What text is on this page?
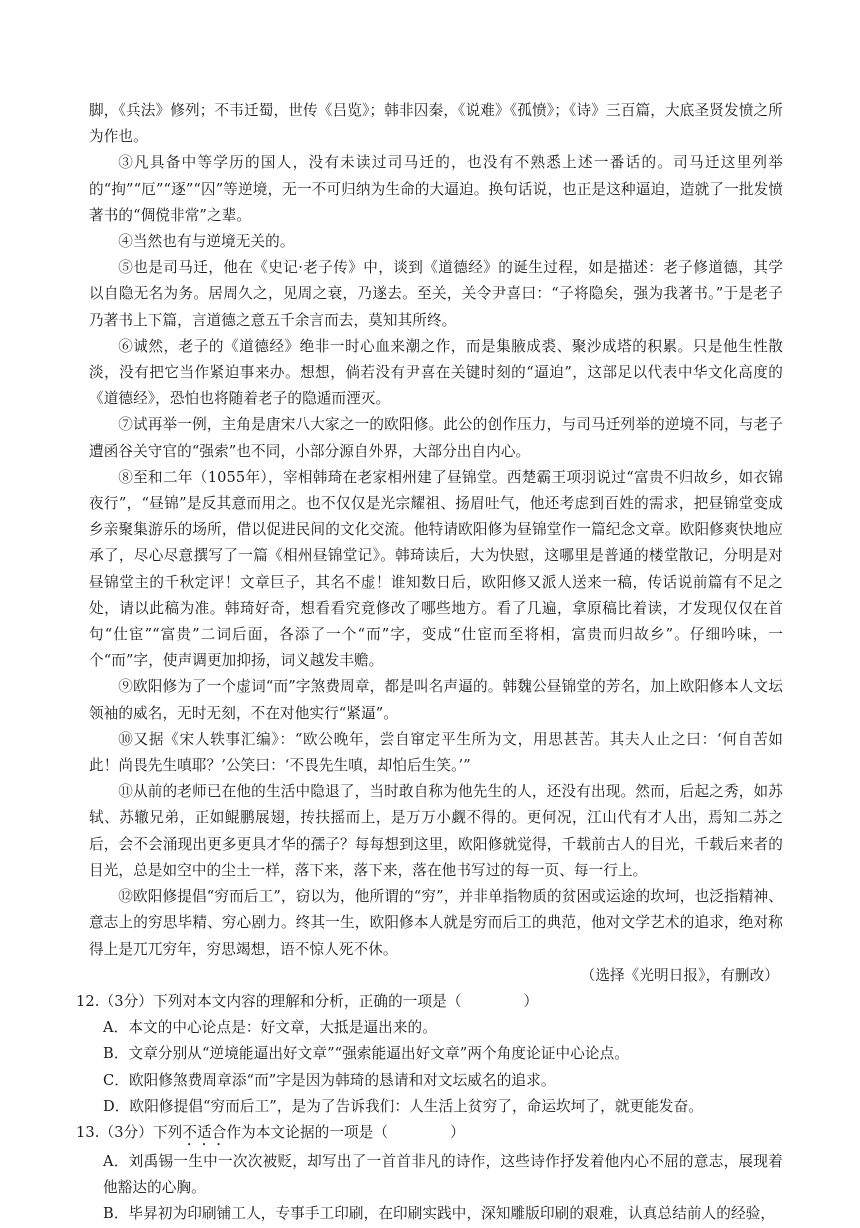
脚，《兵法》修列；不韦迁蜀，世传《吕览》；韩非囚秦，《说难》《孤愤》；《诗》三百篇，大底圣贤发愤之所为作也。

③凡具备中等学历的国人，没有未读过司马迁的，也没有不熟悉上述一番话的。司马迁这里列举的“拘”“厄”“逐”“囚”等逆境，无一不可归纳为生命的大逼迫。换句话说，也正是这种逼迫，造就了一批发愤著书的“倜傥非常”之辈。

④当然也有与逆境无关的。

⑤也是司马迁，他在《史记·老子传》中，谈到《道德经》的诞生过程，如是描述：老子修道德，其学以自隐无名为务。居周久之，见周之衰，乃遂去。至关，关令尹喜曰：“子将隐矣，强为我著书。”于是老子乃著书上下篇，言道德之意五千余言而去，莫知其所终。

⑥诚然，老子的《道德经》绝非一时心血来潮之作，而是集腋成裘、聚沙成塔的积累。只是他生性散淡，没有把它当作紧迫事来办。想想，倘若没有尹喜在关键时刻的“逼迫”，这部足以代表中华文化高度的《道德经》，恐怕也将随着老子的隐遁而湮灭。

⑦试再举一例，主角是唐宋八大家之一的欧阳修。此公的创作压力，与司马迁列举的逆境不同，与老子遭函谷关守官的“强索”也不同，小部分源自外界，大部分出自内心。

⑧至和二年（1055年），宰相韩琦在老家相州建了昼锦堂。西楚霸王项羽说过“富贵不归故乡，如衣锦夜行”，“昼锦”是反其意而用之。也不仅仅是光宗耀祖、扬眉吐气，他还考虑到百姓的需求，把昼锦堂变成乡亲聚集游乐的场所，借以促进民间的文化交流。他特请欧阳修为昼锦堂作一篇纪念文章。欧阳修爽快地应承了，尽心尽意撰写了一篇《相州昼锦堂记》。韩琦读后，大为快慰，这哪里是普通的楼堂散记，分明是对昼锦堂主的千秋定评！文章巨子，其名不虚！谁知数日后，欧阳修又派人送来一稿，传话说前篇有不足之处，请以此稿为准。韩琦好奇，想看看究竟修改了哪些地方。看了几遍，拿原稿比着读，才发现仅仅在首句“仕宦”“富贵”二词后面，各添了一个“而”字，变成“仕宦而至将相，富贵而归故乡”。仔细吟味，一个“而”字，使声调更加抑扬，词义越发丰赡。

⑨欧阳修为了一个虚词“而”字煞费周章，都是叫名声逼的。韩魏公昼锦堂的芳名，加上欧阳修本人文坛领袖的威名，无时无刻，不在对他实行“紧逼”。

⑩又据《宋人轶事汇编》：“欧公晚年，尝自窜定平生所为文，用思甚苦。其夫人止之曰：‘何自苦如此！尚畏先生嗔耶？’公笑曰：‘不畏先生嗔，却怕后生笑。’”

⑪从前的老师已在他的生活中隐退了，当时敢自称为他先生的人，还没有出现。然而，后起之秀，如苏轼、苏辙兄弟，正如鲲鹏展翅，抟扶摇而上，是万万小觑不得的。更何况，江山代有才人出，焉知二苏之后，会不会涌现出更多更具才华的孺子？每每想到这里，欧阳修就觉得，千载前古人的目光，千载后来者的目光，总是如空中的尘土一样，落下来，落下来，落在他书写过的每一页、每一行上。

⑫欧阳修提倡“穷而后工”，窃以为，他所谓的“穷”，并非单指物质的贫困或运途的坎坷，也泛指精神、意志上的穷思毕精、穷心剧力。终其一生，欧阳修本人就是穷而后工的典范，他对文学艺术的追求，绝对称得上是兀兀穷年，穷思竭想，语不惊人死不休。

（选择《光明日报》，有删改）

12.（3分）下列对本文内容的理解和分析，正确的一项是（	）

A．本文的中心论点是：好文章，大抵是逼出来的。

B．文章分别从“逆境能逼出好文章”“强索能逼出好文章”两个角度论证中心论点。

C．欧阳修煞费周章添“而”字是因为韩琦的恳请和对文坛威名的追求。

D．欧阳修提倡“穷而后工”，是为了告诉我们：人生活上贫穷了，命运坎坷了，就更能发奋。

13.（3分）下列不适合作为本文论据的一项是（	）

A．刘禹锡一生中一次次被贬，却写出了一首首非凡的诗作，这些诗作抒发着他内心不屈的意志，展现着他豁达的心胸。

B．毕昇初为印刷铺工人，专事手工印刷，在印刷实践中，深知雕版印刷的艰难，认真总结前人的经验，
